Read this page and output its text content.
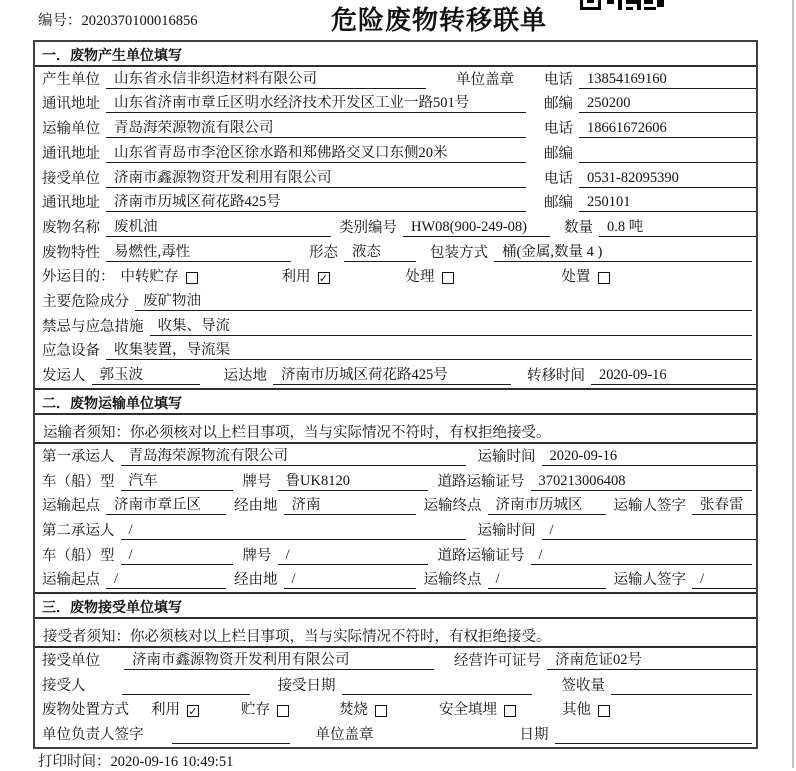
编号：2020370100016856	危险废物转移联单
一．废物产生单位填写
产生单位 山东省永信非织造材料有限公司	单位盖章 电话 13854169160
通讯地址 山东省济南市章丘区明水经济技术开发区工业一路501号	邮编 250200
运输单位 青岛海荣源物流有限公司	电话 18661672606
通讯地址 山东省青岛市李沧区徐水路和郑佛路交叉口东侧20米	邮编
接受单位 济南市鑫源物资开发利用有限公司	电话 0531-82095390
通讯地址 济南市历城区荷花路425号	邮编 250101
废物名称 废机油	类别编号 HW08(900-249-08)	数量 0.8 吨
废物特性 易燃性,毒性	形态 液态	包装方式 桶(金属,数量 4 )
外运目的： 中转贮存	利用 ✓	处理	处置
主要危险成分 废矿物油
禁忌与应急措施 收集、导流
应急设备 收集装置，导流渠
发运人 郭玉波	运达地 济南市历城区荷花路425号	转移时间 2020-09-16
二．废物运输单位填写
运输者须知：你必须核对以上栏目事项，当与实际情况不符时，有权拒绝接受。
第一承运人 青岛海荣源物流有限公司	运输时间 2020-09-16
车（船）型 汽车	牌号 鲁UK8120	道路运输证号 370213006408
运输起点 济南市章丘区	经由地 济南	运输终点 济南市历城区	运输人签字 张春雷
第二承运人 /	运输时间 /
车（船）型 /	牌号 /	道路运输证号 /
运输起点 /	经由地 /	运输终点 /	运输人签字 /
三．废物接受单位填写
接受者须知：你必须核对以上栏目事项，当与实际情况不符时，有权拒绝接受。
接受单位	济南市鑫源物资开发利用有限公司	经营许可证号 济南危证02号
接受人	接受日期	签收量
废物处置方式 利用 ✓	贮存	焚烧	安全填埋	其他
单位负责人签字	单位盖章	日期
打印时间：2020-09-16 10:49:51
